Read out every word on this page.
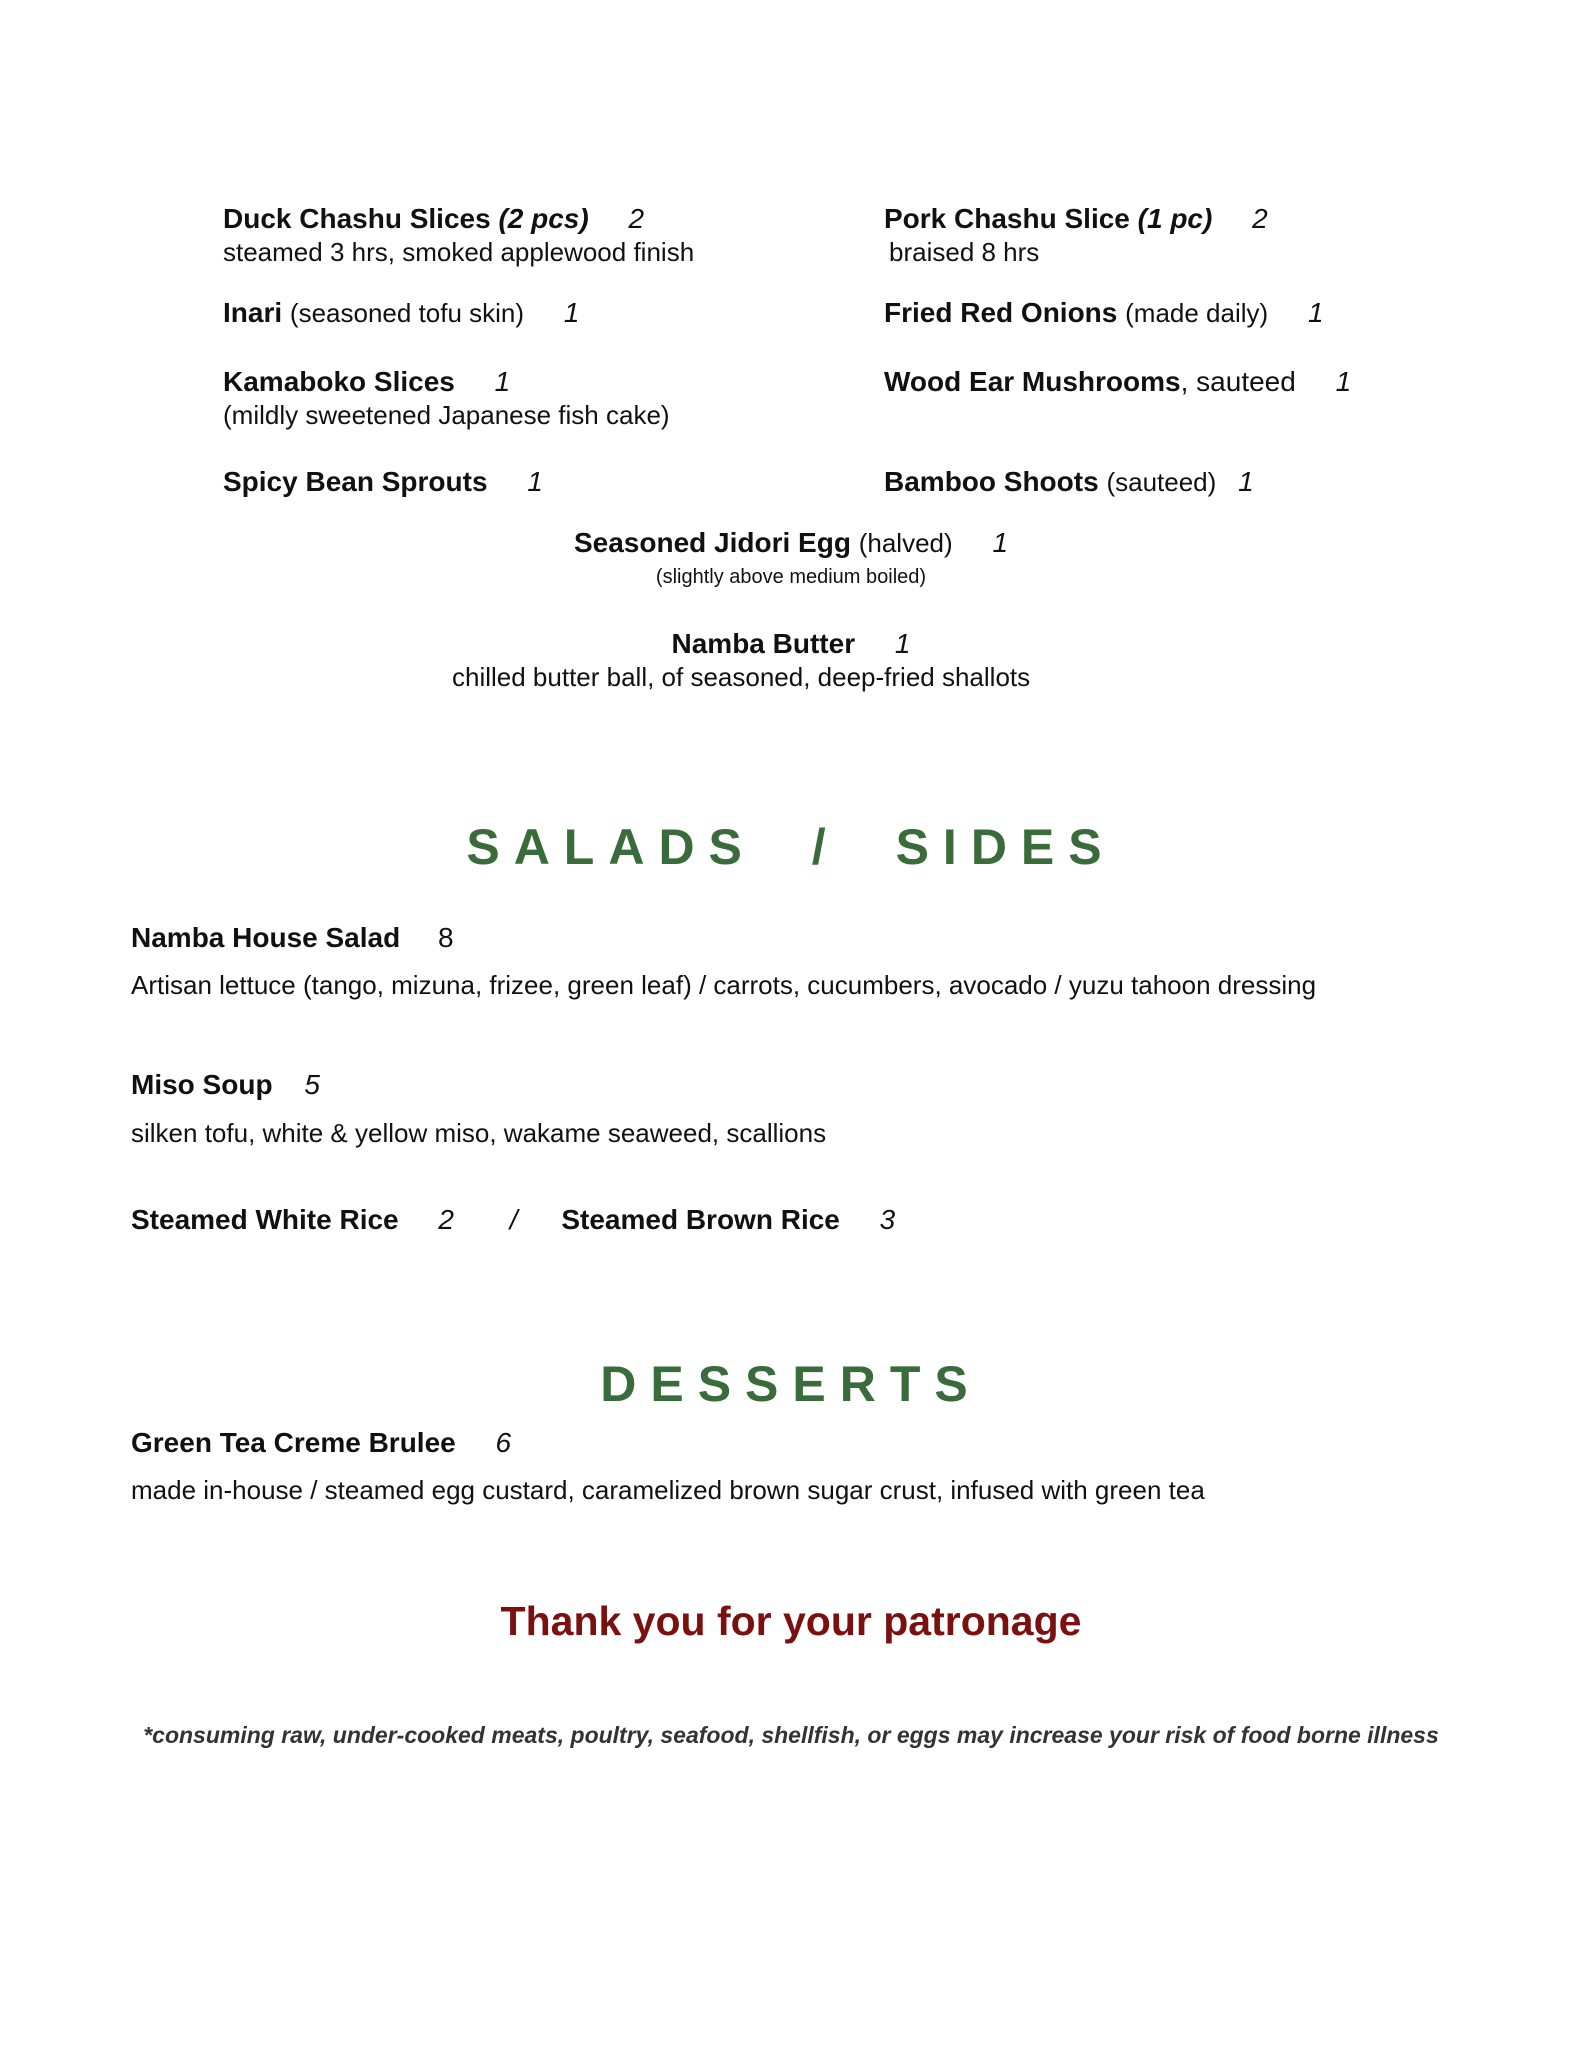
Duck Chashu Slices (2 pcs) 2
steamed 3 hrs, smoked applewood finish
Inari (seasoned tofu skin) 1
Kamaboko Slices 1
(mildly sweetened Japanese fish cake)
Spicy Bean Sprouts 1
Pork Chashu Slice (1 pc) 2
braised 8 hrs
Fried Red Onions (made daily) 1
Wood Ear Mushrooms, sauteed 1
Bamboo Shoots (sauteed) 1
Seasoned Jidori Egg (halved) 1
(slightly above medium boiled)
Namba Butter 1
chilled butter ball, of seasoned, deep-fried shallots
SALADS / SIDES
Namba House Salad 8
Artisan lettuce (tango, mizuna, frizee, green leaf) / carrots, cucumbers, avocado / yuzu tahoon dressing
Miso Soup 5
silken tofu, white & yellow miso, wakame seaweed, scallions
Steamed White Rice 2 / Steamed Brown Rice 3
DESSERTS
Green Tea Creme Brulee 6
made in-house / steamed egg custard, caramelized brown sugar crust, infused with green tea
Thank you for your patronage
*consuming raw, under-cooked meats, poultry, seafood, shellfish, or eggs may increase your risk of food borne illness
